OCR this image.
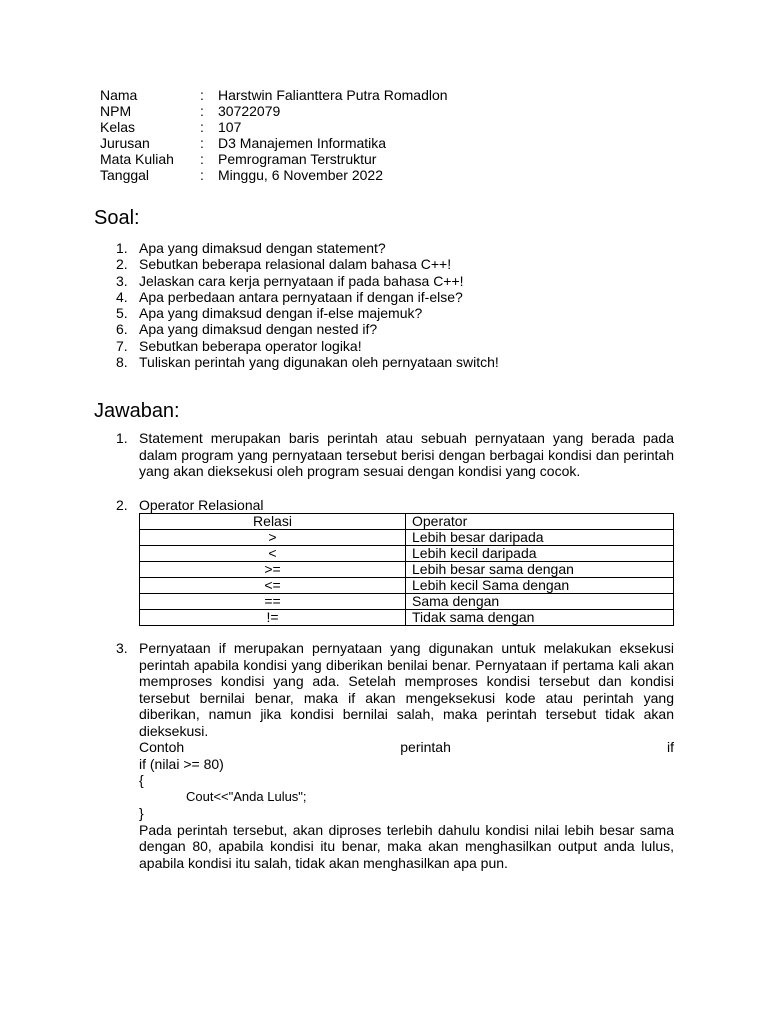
Nama	:	Harstwin Falianttera Putra Romadlon
NPM	:	30722079
Kelas	:	107
Jurusan	:	D3 Manajemen Informatika
Mata Kuliah	:	Pemrograman Terstruktur
Tanggal	:	Minggu, 6 November 2022
Soal:
1. Apa yang dimaksud dengan statement?
2. Sebutkan beberapa relasional dalam bahasa C++!
3. Jelaskan cara kerja pernyataan if pada bahasa C++!
4. Apa perbedaan antara pernyataan if dengan if-else?
5. Apa yang dimaksud dengan if-else majemuk?
6. Apa yang dimaksud dengan nested if?
7. Sebutkan beberapa operator logika!
8. Tuliskan perintah yang digunakan oleh pernyataan switch!
Jawaban:
1. Statement merupakan baris perintah atau sebuah pernyataan yang berada pada dalam program yang pernyataan tersebut berisi dengan berbagai kondisi dan perintah yang akan dieksekusi oleh program sesuai dengan kondisi yang cocok.
2. Operator Relasional
Relasi	Operator
>	Lebih besar daripada
<	Lebih kecil daripada
>=	Lebih besar sama dengan
<=	Lebih kecil Sama dengan
==	Sama dengan
!=	Tidak sama dengan
3. Pernyataan if merupakan pernyataan yang digunakan untuk melakukan eksekusi perintah apabila kondisi yang diberikan benilai benar. Pernyataan if pertama kali akan memproses kondisi yang ada. Setelah memproses kondisi tersebut dan kondisi tersebut bernilai benar, maka if akan mengeksekusi kode atau perintah yang diberikan, namun jika kondisi bernilai salah, maka perintah tersebut tidak akan dieksekusi.
Contoh perintah if
if (nilai >= 80)
{
Cout<<"Anda Lulus";
}
Pada perintah tersebut, akan diproses terlebih dahulu kondisi nilai lebih besar sama dengan 80, apabila kondisi itu benar, maka akan menghasilkan output anda lulus, apabila kondisi itu salah, tidak akan menghasilkan apa pun.
